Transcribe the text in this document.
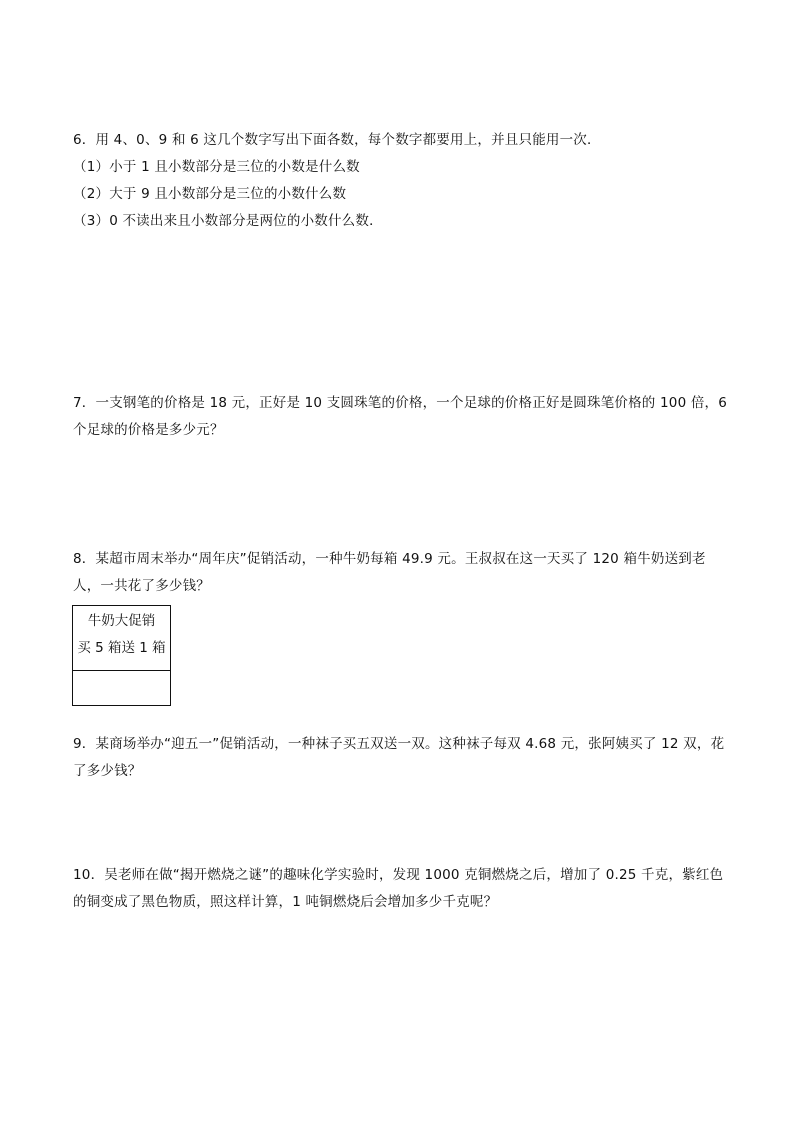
6．用 4、0、9 和 6 这几个数字写出下面各数，每个数字都要用上，并且只能用一次．
（1）小于 1 且小数部分是三位的小数是什么数
（2）大于 9 且小数部分是三位的小数什么数
（3）0 不读出来且小数部分是两位的小数什么数．
7．一支钢笔的价格是 18 元，正好是 10 支圆珠笔的价格，一个足球的价格正好是圆珠笔价格的 100 倍，6
个足球的价格是多少元？
8．某超市周末举办“周年庆”促销活动，一种牛奶每箱 49.9 元。王叔叔在这一天买了 120 箱牛奶送到老
人，一共花了多少钱？
牛奶大促销
买 5 箱送 1 箱
9．某商场举办“迎五一”促销活动，一种袜子买五双送一双。这种袜子每双 4.68 元，张阿姨买了 12 双，花
了多少钱？
10．吴老师在做“揭开燃烧之谜”的趣味化学实验时，发现 1000 克铜燃烧之后，增加了 0.25 千克，紫红色
的铜变成了黑色物质，照这样计算，1 吨铜燃烧后会增加多少千克呢？
